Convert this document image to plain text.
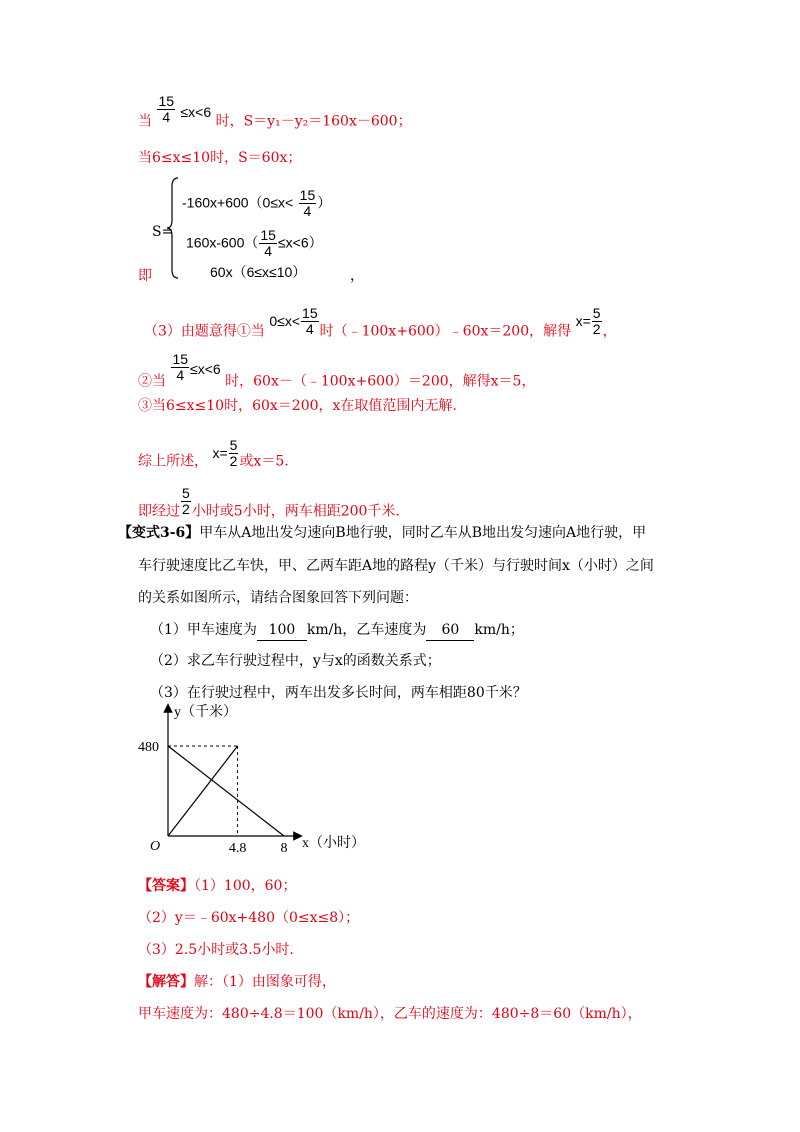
当 $\frac{15}{4} \le x<6$ 时，S＝y₁－y₂＝160x－600；
当6≤x≤10时，S＝60x；
S=
$-160x+600(0\le x< \frac{15}{4}$ ）
$160x-600( \frac{15}{4} \le x<6)$
60x（6≤x≤10）
即	，
（3）由题意得①当 $0\le x< \frac{15}{4}$ 时（﹣100x+600）﹣60x＝200，解得 $x= \frac{5}{2}$ ，
②当 $\frac{15}{4} \le x<6$ 时，60x－（﹣100x+600）＝200，解得x＝5，
③当6≤x≤10时，60x＝200，x在取值范围内无解.
综上所述， $x= \frac{5}{2}$ 或x＝5.
即经过 $\frac{5}{2}$ 小时或5小时，两车相距200千米.
【变式3-6】甲车从A地出发匀速向B地行驶，同时乙车从B地出发匀速向A地行驶，甲
车行驶速度比乙车快，甲、乙两车距A地的路程y（千米）与行驶时间x（小时）之间
的关系如图所示，请结合图象回答下列问题：
（1）甲车速度为 100 km/h，乙车速度为 60 km/h；
（2）求乙车行驶过程中，y与x的函数关系式；
（3）在行驶过程中，两车出发多长时间，两车相距80千米？
y（千米）
x（小时）
O
480
4.8 8
【答案】（1）100，60；
（2）y＝﹣60x+480（0≤x≤8）；
（3）2.5小时或3.5小时.
【解答】解：（1）由图象可得，
甲车速度为：480÷4.8＝100（km/h），乙车的速度为：480÷8＝60（km/h），
